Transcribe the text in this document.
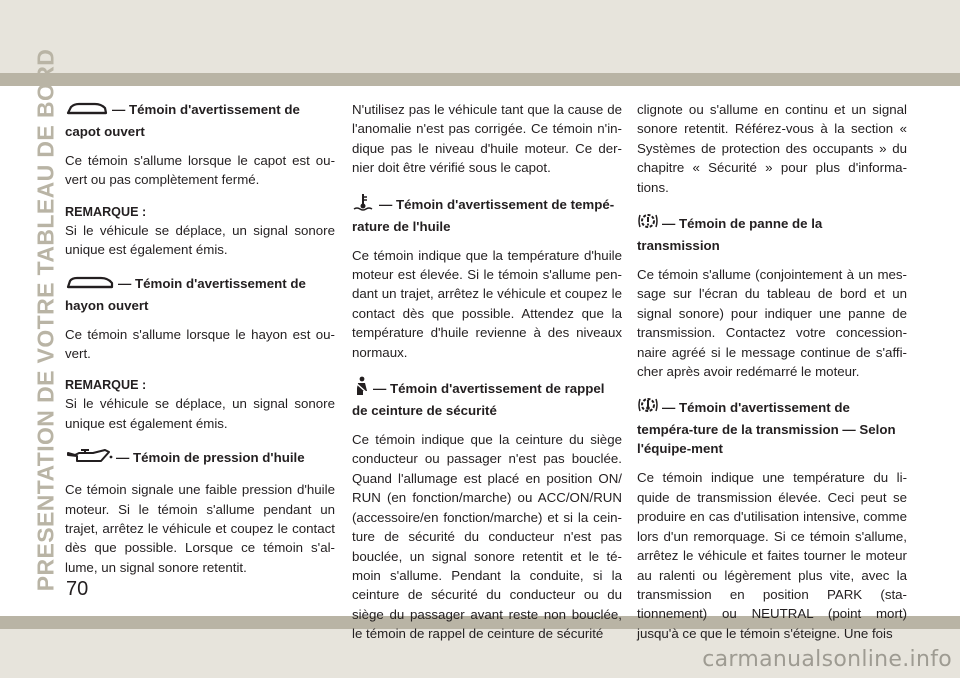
PRESENTATION DE VOTRE TABLEAU DE BORD 70
— Témoin d'avertissement de capot ouvert

Ce témoin s'allume lorsque le capot est ou-vert ou pas complètement fermé.

REMARQUE :

Si le véhicule se déplace, un signal sonore unique est également émis.

— Témoin d'avertissement de hayon ouvert

Ce témoin s'allume lorsque le hayon est ou-vert.

REMARQUE :

Si le véhicule se déplace, un signal sonore unique est également émis.

— Témoin de pression d'huile

Ce témoin signale une faible pression d'huile moteur. Si le témoin s'allume pendant un trajet, arrêtez le véhicule et coupez le contact dès que possible. Lorsque ce témoin s'al-lume, un signal sonore retentit.

N'utilisez pas le véhicule tant que la cause de l'anomalie n'est pas corrigée. Ce témoin n'in-dique pas le niveau d'huile moteur. Ce der-nier doit être vérifié sous le capot.

— Témoin d'avertissement de tempé-rature de l'huile

Ce témoin indique que la température d'huile moteur est élevée. Si le témoin s'allume pen-dant un trajet, arrêtez le véhicule et coupez le contact dès que possible. Attendez que la température d'huile revienne à des niveaux normaux.

— Témoin d'avertissement de rappel de ceinture de sécurité

Ce témoin indique que la ceinture du siège conducteur ou passager n'est pas bouclée. Quand l'allumage est placé en position ON/ RUN (en fonction/marche) ou ACC/ON/RUN (accessoire/en fonction/marche) et si la cein-ture de sécurité du conducteur n'est pas bouclée, un signal sonore retentit et le té-moin s'allume. Pendant la conduite, si la ceinture de sécurité du conducteur ou du siège du passager avant reste non bouclée, le témoin de rappel de ceinture de sécurité

clignote ou s'allume en continu et un signal sonore retentit. Référez-vous à la section « Systèmes de protection des occupants » du chapitre « Sécurité » pour plus d'informa-tions.

— Témoin de panne de la transmission

Ce témoin s'allume (conjointement à un mes-sage sur l'écran du tableau de bord et un signal sonore) pour indiquer une panne de transmission. Contactez votre concession-naire agréé si le message continue de s'affi-cher après avoir redémarré le moteur.

— Témoin d'avertissement de tempéra-ture de la transmission — Selon l'équipe-ment

Ce témoin indique une température du li-quide de transmission élevée. Ceci peut se produire en cas d'utilisation intensive, comme lors d'un remorquage. Si ce témoin s'allume, arrêtez le véhicule et faites tourner le moteur au ralenti ou légèrement plus vite, avec la transmission en position PARK (sta-tionnement) ou NEUTRAL (point mort) jusqu'à ce que le témoin s'éteigne. Une fois

carmanualsonline.info
